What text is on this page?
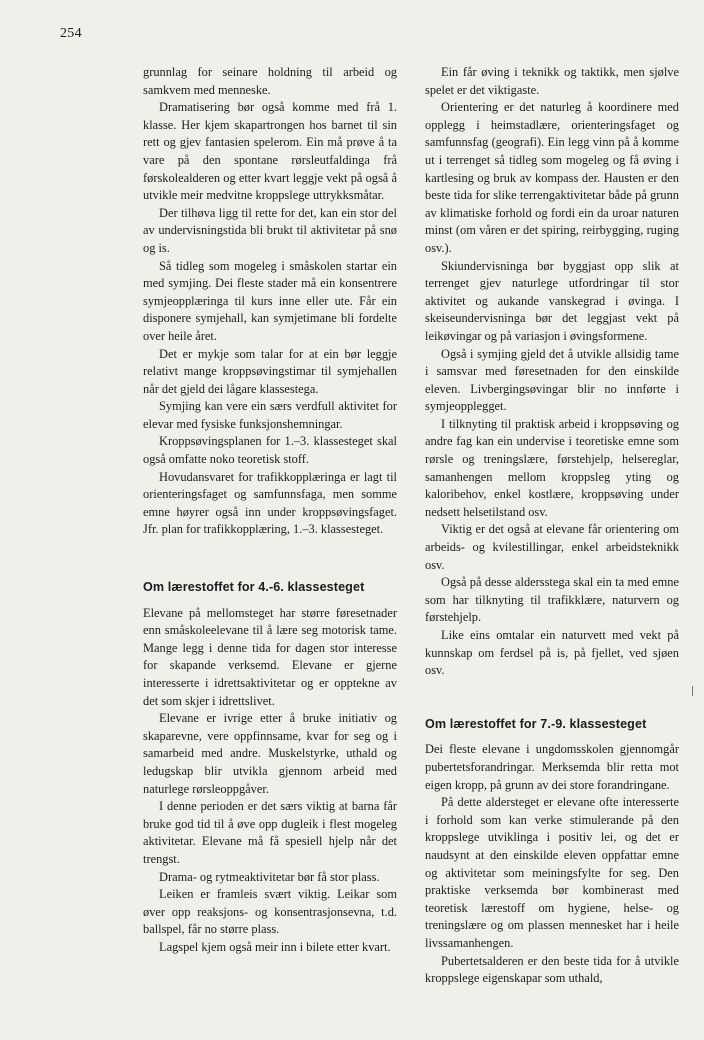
254

grunnlag for seinare holdning til arbeid og samkvem med menneske.

Dramatisering bør også komme med frå 1. klasse. Her kjem skapartrongen hos barnet til sin rett og gjev fantasien spelerom. Ein må prøve å ta vare på den spontane rørsleutfaldinga frå førskolealderen og etter kvart leggje vekt på også å utvikle meir medvitne kroppslege uttrykksmåtar.

Der tilhøva ligg til rette for det, kan ein stor del av undervisningstida bli brukt til aktivitetar på snø og is.

Så tidleg som mogeleg i småskolen startar ein med symjing. Dei fleste stader må ein konsentrere symjeopplæringa til kurs inne eller ute. Får ein disponere symjehall, kan symjetimane bli fordelte over heile året.

Det er mykje som talar for at ein bør leggje relativt mange kroppsøvingstimar til symjehallen når det gjeld dei lågare klassestega.

Symjing kan vere ein særs verdfull aktivitet for elevar med fysiske funksjonshemningar.

Kroppsøvingsplanen for 1.–3. klassesteget skal også omfatte noko teoretisk stoff.

Hovudansvaret for trafikkopplæringa er lagt til orienteringsfaget og samfunnsfaga, men somme emne høyrer også inn under kroppsøvingsfaget. Jfr. plan for trafikkopplæring, 1.–3. klassesteget.

Om lærestoffet for 4.-6. klassesteget

Elevane på mellomsteget har større føresetnader enn småskoleelevane til å lære seg motorisk tame. Mange legg i denne tida for dagen stor interesse for skapande verksemd. Elevane er gjerne interesserte i idrettsaktivitetar og er opptekne av det som skjer i idrettslivet.

Elevane er ivrige etter å bruke initiativ og skaparevne, vere oppfinnsame, kvar for seg og i samarbeid med andre. Muskelstyrke, uthald og ledugskap blir utvikla gjennom arbeid med naturlege rørsleoppgåver.

I denne perioden er det særs viktig at barna får bruke god tid til å øve opp dugleik i flest mogeleg aktivitetar. Elevane må få spesiell hjelp når det trengst.

Drama- og rytmeaktivitetar bør få stor plass.

Leiken er framleis svært viktig. Leikar som øver opp reaksjons- og konsentrasjonsevna, t.d. ballspel, får no større plass.

Lagspel kjem også meir inn i bilete etter kvart.

Ein får øving i teknikk og taktikk, men sjølve spelet er det viktigaste.

Orientering er det naturleg å koordinere med opplegg i heimstadlære, orienteringsfaget og samfunnsfag (geografi). Ein legg vinn på å komme ut i terrenget så tidleg som mogeleg og få øving i kartlesing og bruk av kompass der. Hausten er den beste tida for slike terrengaktivitetar både på grunn av klimatiske forhold og fordi ein da uroar naturen minst (om våren er det spiring, reirbygging, ruging osv.).

Skiundervisninga bør byggjast opp slik at terrenget gjev naturlege utfordringar til stor aktivitet og aukande vanskegrad i øvinga. I skeiseundervisninga bør det leggjast vekt på leikøvingar og på variasjon i øvingsformene.

Også i symjing gjeld det å utvikle allsidig tame i samsvar med føresetnaden for den einskilde eleven. Livbergingsøvingar blir no innførte i symjeopplegget.

I tilknyting til praktisk arbeid i kroppsøving og andre fag kan ein undervise i teoretiske emne som rørsle og treningslære, førstehjelp, helsereglar, samanhengen mellom kroppsleg yting og kaloribehov, enkel kostlære, kroppsøving under nedsett helsetilstand osv.

Viktig er det også at elevane får orientering om arbeids- og kvilestillingar, enkel arbeidsteknikk osv.

Også på desse aldersstega skal ein ta med emne som har tilknyting til trafikklære, naturvern og førstehjelp.

Like eins omtalar ein naturvett med vekt på kunnskap om ferdsel på is, på fjellet, ved sjøen osv.

Om lærestoffet for 7.-9. klassesteget

Dei fleste elevane i ungdomsskolen gjennomgår pubertetsforandringar. Merksemda blir retta mot eigen kropp, på grunn av dei store forandringane.

På dette aldersteget er elevane ofte interesserte i forhold som kan verke stimulerande på den kroppslege utviklinga i positiv lei, og det er naudsynt at den einskilde eleven oppfattar emne og aktivitetar som meiningsfylte for seg. Den praktiske verksemda bør kombinerast med teoretisk lærestoff om hygiene, helse- og treningslære og om plassen mennesket har i heile livssamanhengen.

Pubertetsalderen er den beste tida for å utvikle kroppslege eigenskapar som uthald,
